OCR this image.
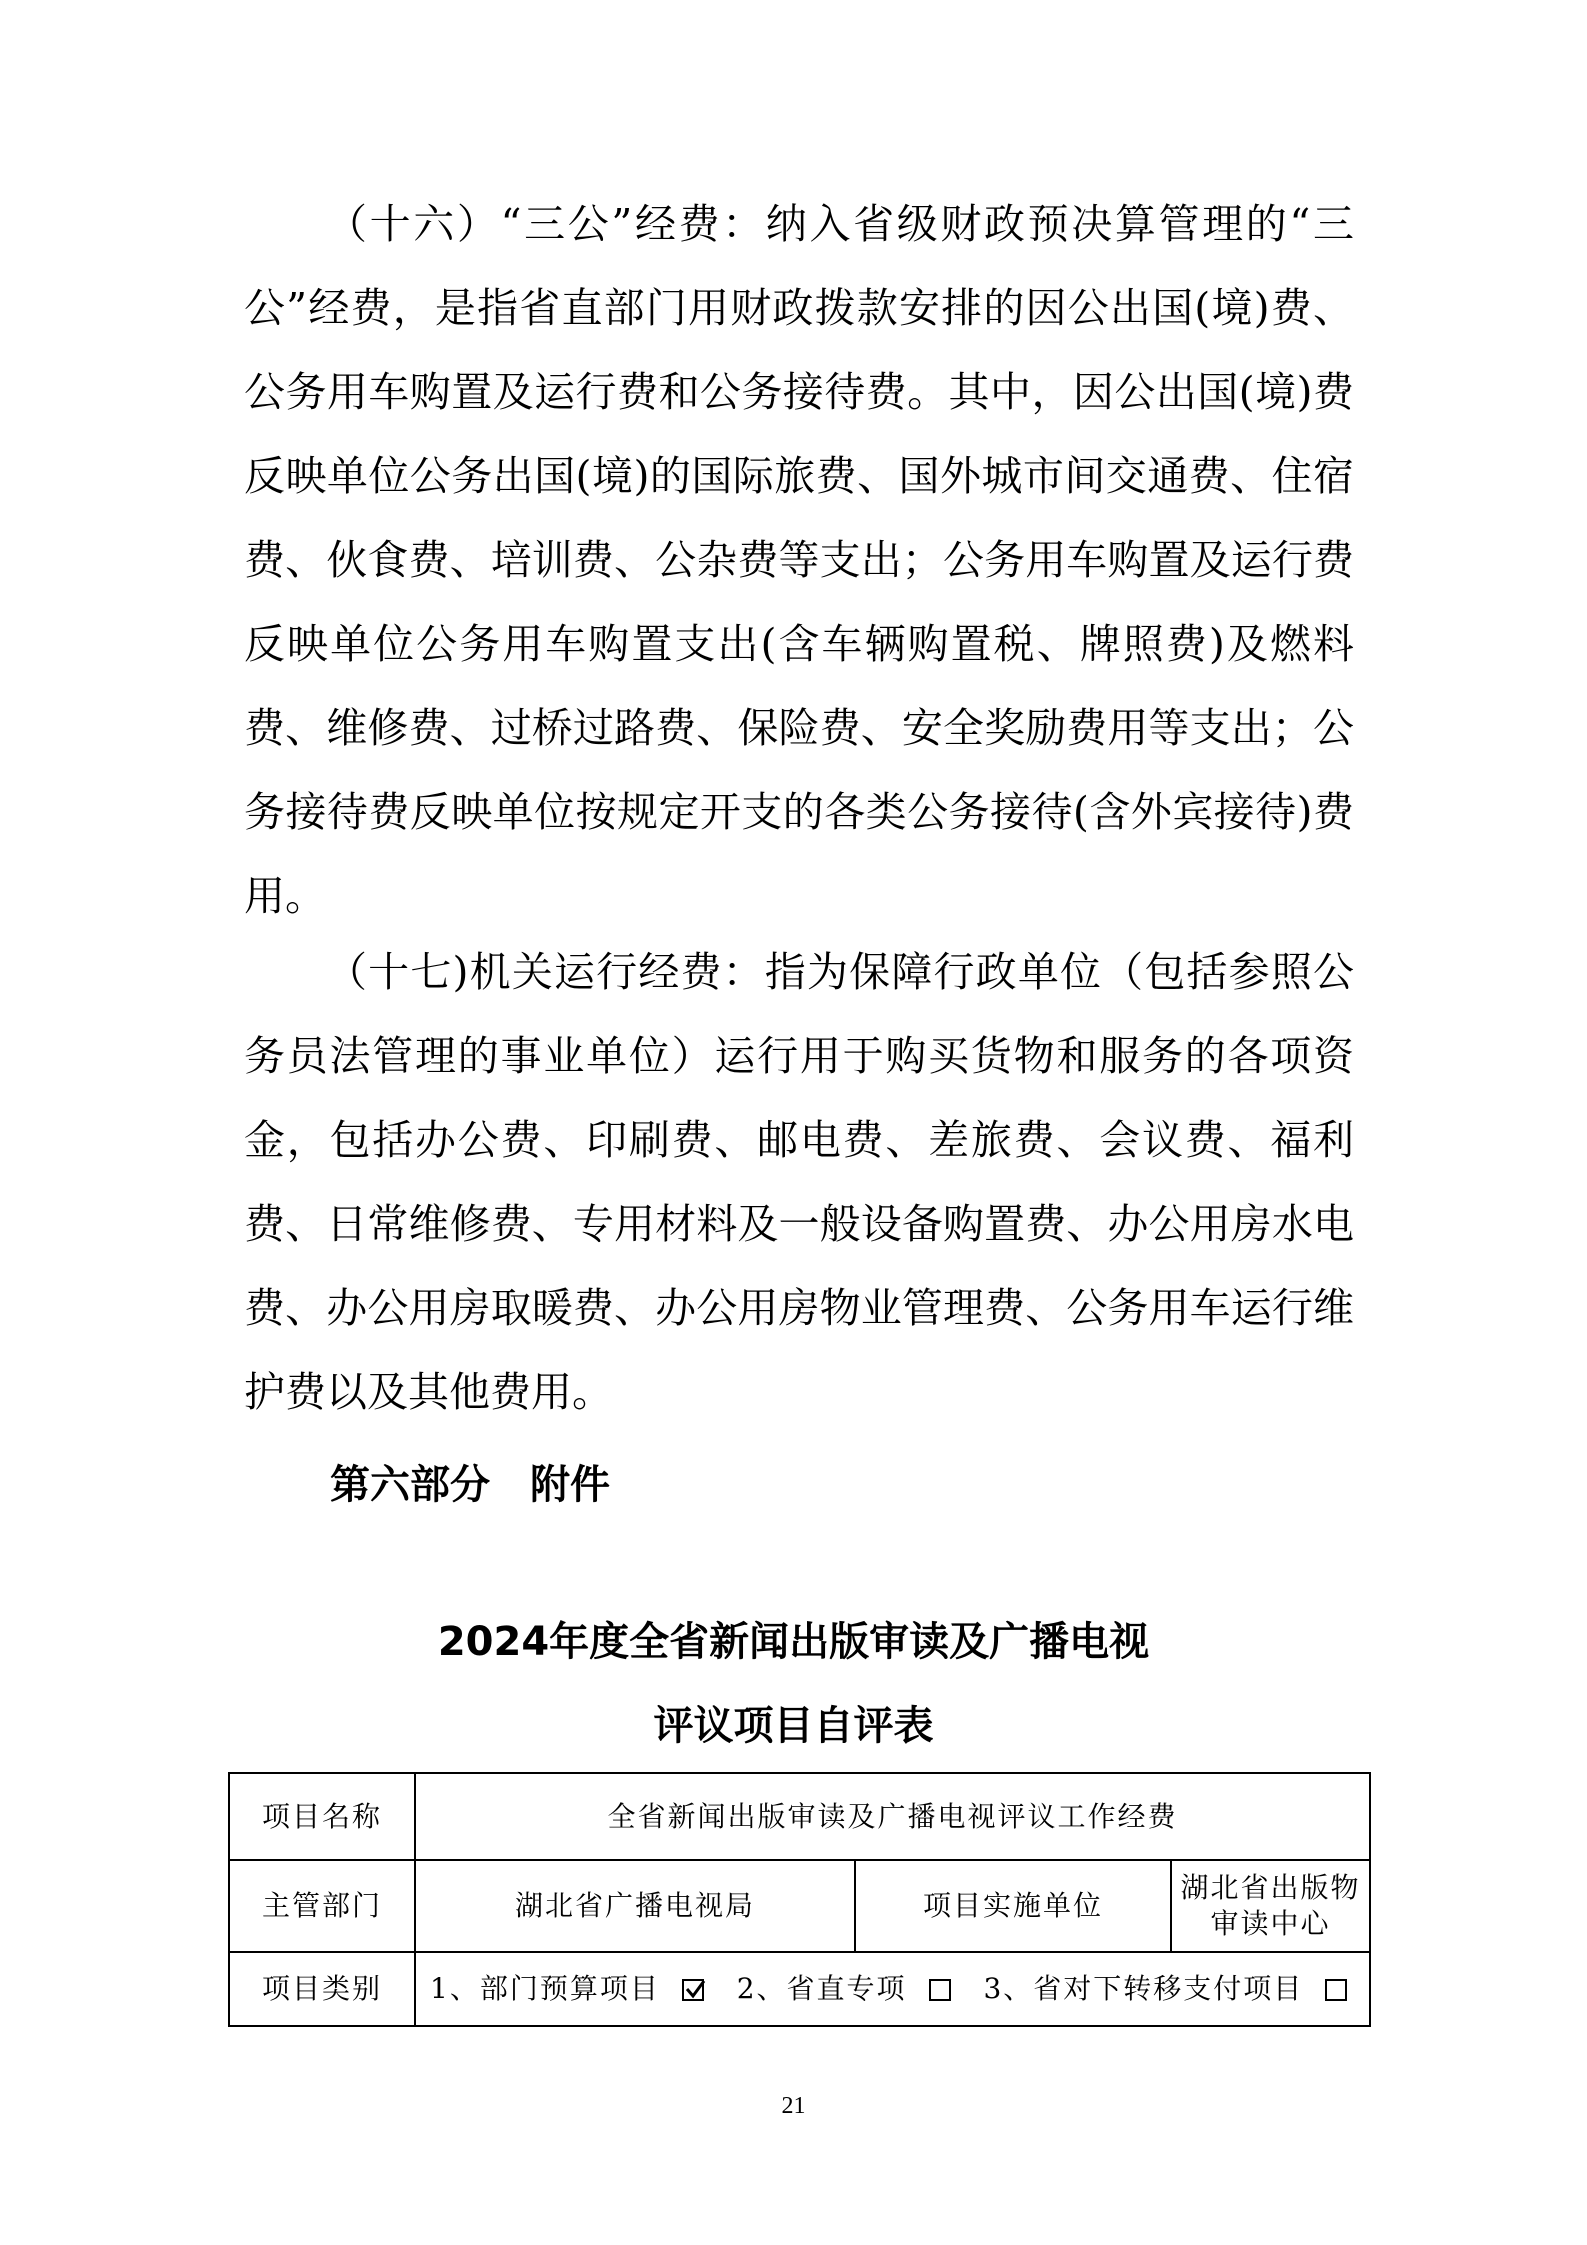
（十六）“三公”经费：纳入省级财政预决算管理的“三公”经费，是指省直部门用财政拨款安排的因公出国(境)费、公务用车购置及运行费和公务接待费。其中，因公出国(境)费反映单位公务出国(境)的国际旅费、国外城市间交通费、住宿费、伙食费、培训费、公杂费等支出；公务用车购置及运行费反映单位公务用车购置支出(含车辆购置税、牌照费)及燃料费、维修费、过桥过路费、保险费、安全奖励费用等支出；公务接待费反映单位按规定开支的各类公务接待(含外宾接待)费用。

（十七)机关运行经费：指为保障行政单位（包括参照公务员法管理的事业单位）运行用于购买货物和服务的各项资金，包括办公费、印刷费、邮电费、差旅费、会议费、福利费、日常维修费、专用材料及一般设备购置费、办公用房水电费、办公用房取暖费、办公用房物业管理费、公务用车运行维护费以及其他费用。

第六部分　附件
2024年度全省新闻出版审读及广播电视
评议项目自评表
项目名称	全省新闻出版审读及广播电视评议工作经费		
主管部门	湖北省广播电视局	项目实施单位	湖北省出版物审读中心
项目类别	1、部门预算项目 2、省直专项 3、省对下转移支付项目		

21
